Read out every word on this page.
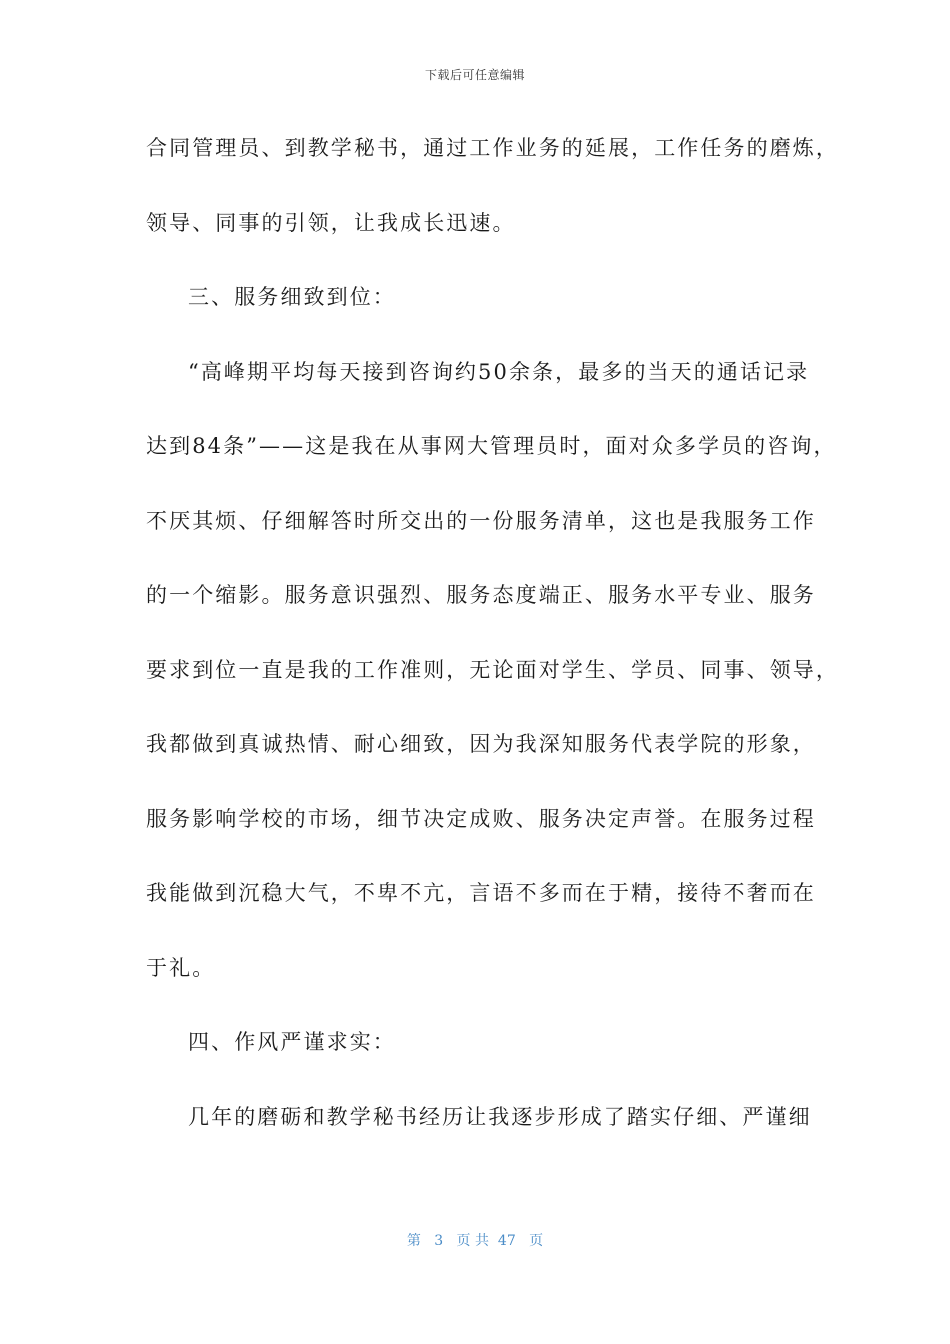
下载后可任意编辑
合同管理员、到教学秘书，通过工作业务的延展，工作任务的磨炼，
领导、同事的引领，让我成长迅速。
三、服务细致到位：
“高峰期平均每天接到咨询约50余条，最多的当天的通话记录
达到84条”——这是我在从事网大管理员时，面对众多学员的咨询，
不厌其烦、仔细解答时所交出的一份服务清单，这也是我服务工作
的一个缩影。服务意识强烈、服务态度端正、服务水平专业、服务
要求到位一直是我的工作准则，无论面对学生、学员、同事、领导，
我都做到真诚热情、耐心细致，因为我深知服务代表学院的形象，
服务影响学校的市场，细节决定成败、服务决定声誉。在服务过程
我能做到沉稳大气，不卑不亢，言语不多而在于精，接待不奢而在
于礼。
四、作风严谨求实：
几年的磨砺和教学秘书经历让我逐步形成了踏实仔细、严谨细
第 3 页 共 47 页
